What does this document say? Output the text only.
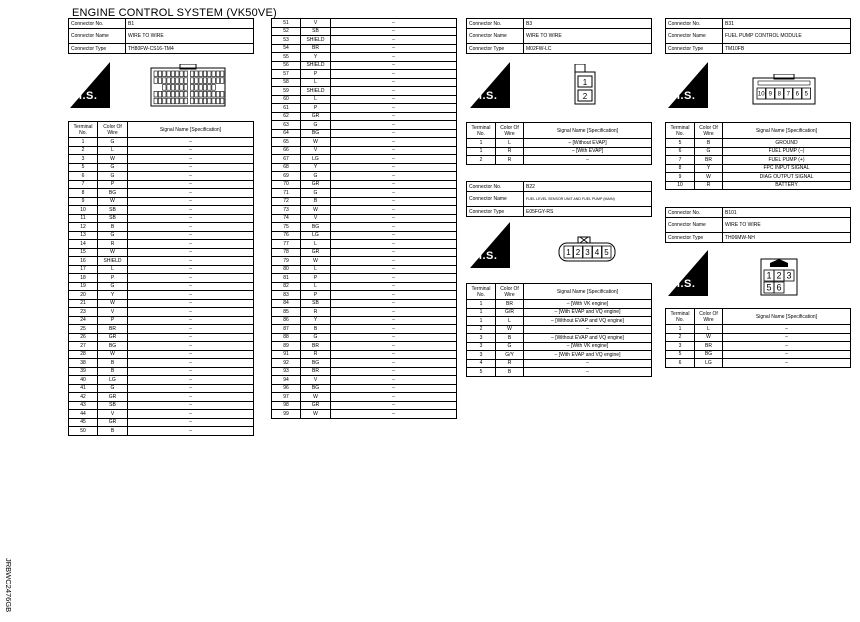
ENGINE CONTROL SYSTEM (VK50VE)
JRBWC2476GB
Connector No.	B1
Connector Name	WIRE TO WIRE
Connector Type	TH80FW-CS16-TM4
H.S.
Terminal No.	Color Of Wire	Signal Name [Specification]
1	G	–
2	L	–
3	W	–
5	G	–
6	G	–
7	P	–
8	BG	–
9	W	–
10	SB	–
11	SB	–
12	B	–
13	G	–
14	R	–
15	W	–
16	SHIELD	–
17	L	–
18	P	–
19	G	–
20	Y	–
21	W	–
23	V	–
24	P	–
25	BR	–
26	GR	–
27	BG	–
28	W	–
38	B	–
39	B	–
40	LG	–
41	G	–
42	GR	–
43	SB	–
44	V	–
45	GR	–
50	B	–
51	V	–
52	SB	–
53	SHIELD	–
54	BR	–
55	Y	–
56	SHIELD	–
57	P	–
58	L	–
59	SHIELD	–
60	L	–
61	P	–
62	GR	–
63	G	–
64	BG	–
65	W	–
66	V	–
67	LG	–
68	Y	–
69	G	–
70	GR	–
71	G	–
72	B	–
73	W	–
74	V	–
75	BG	–
76	LG	–
77	L	–
78	GR	–
79	W	–
80	L	–
81	P	–
82	L	–
83	P	–
84	SB	–
85	R	–
86	Y	–
87	B	–
88	G	–
89	BR	–
91	R	–
92	BG	–
93	BR	–
94	V	–
96	BG	–
97	W	–
98	GR	–
99	W	–
Connector No.	B3
Connector Name	WIRE TO WIRE
Connector Type	M02FW-LC
H.S.
1
2
Terminal No.	Color Of Wire	Signal Name [Specification]
1	L	– [Without EVAP]
1	R	– [With EVAP]
2	R	–
Connector No.	B22
Connector Name	FUEL LEVEL SENSOR UNIT AND FUEL PUMP (MAIN)
Connector Type	E05FGY-RS
H.S.	1 2 3 4 5
Terminal No.	Color Of Wire	Signal Name [Specification]
1	BR	– [With VK engine]
1	G/R	– [With EVAP and VQ engine]
1	L	– [Without EVAP and VQ engine]
2	W	–
3	B	– [Without EVAP and VQ engine]
3	G	– [With VK engine]
3	G/Y	– [With EVAP and VQ engine]
4	R	–
5	B	–
Connector No.	B31
Connector Name	FUEL PUMP CONTROL MODULE
Connector Type	TM10FB
H.S.	10 9 8 7 6 5
Terminal No.	Color Of Wire	Signal Name [Specification]
5	B	GROUND
6	G	FUEL PUMP (–)
7	BR	FUEL PUMP (+)
8	Y	FPC INPUT SIGNAL
9	W	DIAG OUTPUT SIGNAL
10	R	BATTERY
Connector No.	B101
Connector Name	WIRE TO WIRE
Connector Type	TH06MW-NH
H.S.
1 2 3
5 6
Terminal No.	Color Of Wire	Signal Name [Specification]
1	L	–
2	W	–
3	BR	–
5	BG	–
6	LG	–
